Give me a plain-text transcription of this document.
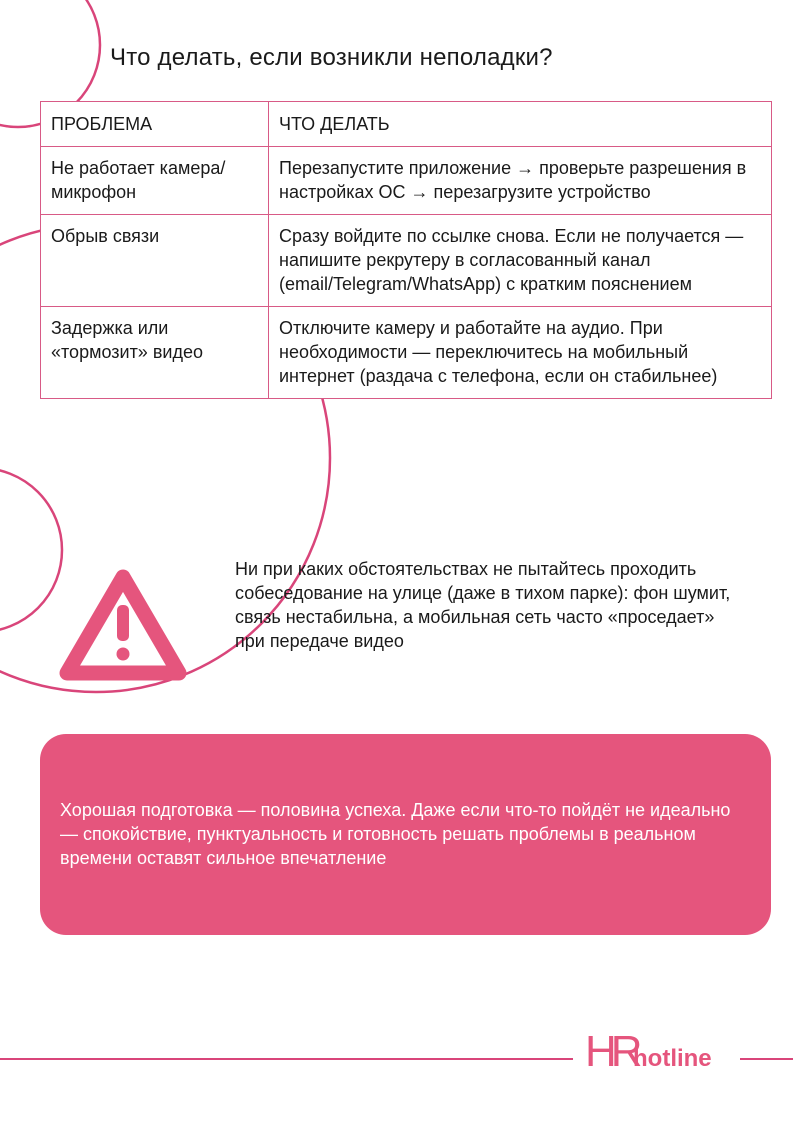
Что делать, если возникли неполадки?
ПРОБЛЕМА	ЧТО ДЕЛАТЬ
Не работает камера/микрофон	Перезапустите приложение → проверьте разрешения в настройках ОС → перезагрузите устройство
Обрыв связи	Сразу войдите по ссылке снова. Если не получается — напишите рекрутеру в согласованный канал (email/Telegram/WhatsApp) с кратким пояснением
Задержка или «тормозит» видео	Отключите камеру и работайте на аудио. При необходимости — переключитесь на мобильный интернет (раздача с телефона, если он стабильнее)
Ни при каких обстоятельствах не пытайтесь проходить собеседование на улице (даже в тихом парке): фон шумит, связь нестабильна, а мобильная сеть часто «проседает» при передаче видео
Хорошая подготовка — половина успеха. Даже если что-то пойдёт не идеально — спокойствие, пунктуальность и готовность решать проблемы в реальном времени оставят сильное впечатление
HR
hotline
